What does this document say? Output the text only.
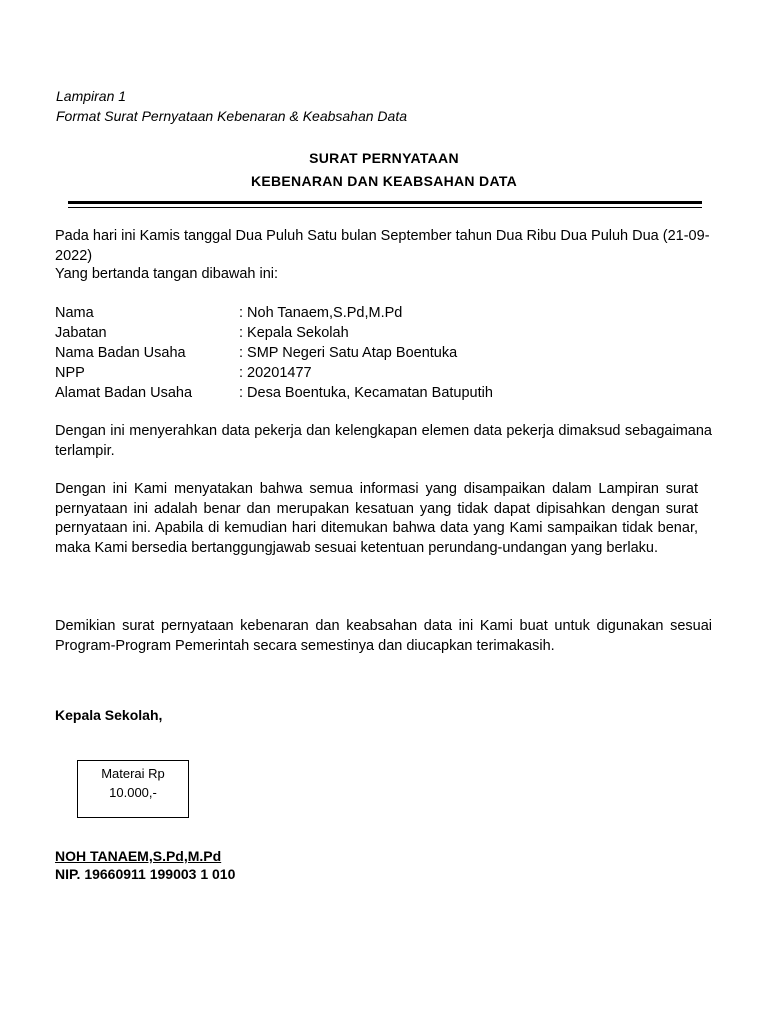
Lampiran 1
Format Surat Pernyataan Kebenaran & Keabsahan Data
SURAT PERNYATAAN
KEBENARAN DAN KEABSAHAN DATA
Pada hari ini Kamis tanggal Dua Puluh Satu bulan September tahun Dua Ribu Dua Puluh Dua (21-09-2022)
Yang bertanda tangan dibawah ini:
Nama	: Noh Tanaem,S.Pd,M.Pd
Jabatan	: Kepala Sekolah
Nama Badan Usaha	: SMP Negeri Satu Atap Boentuka
NPP	: 20201477
Alamat Badan Usaha	: Desa Boentuka, Kecamatan Batuputih
Dengan ini menyerahkan data pekerja dan kelengkapan elemen data pekerja dimaksud sebagaimana terlampir.
Dengan ini Kami menyatakan bahwa semua informasi yang disampaikan dalam Lampiran surat pernyataan ini adalah benar dan merupakan kesatuan yang tidak dapat dipisahkan dengan surat pernyataan ini. Apabila di kemudian hari ditemukan bahwa data yang Kami sampaikan tidak benar, maka Kami bersedia bertanggungjawab sesuai ketentuan perundang-undangan yang berlaku.
Demikian surat pernyataan kebenaran dan keabsahan data ini Kami buat untuk digunakan sesuai Program-Program Pemerintah secara semestinya dan diucapkan terimakasih.
Kepala Sekolah,
Materai Rp
10.000,-
NOH TANAEM,S.Pd,M.Pd
NIP. 19660911 199003 1 010
